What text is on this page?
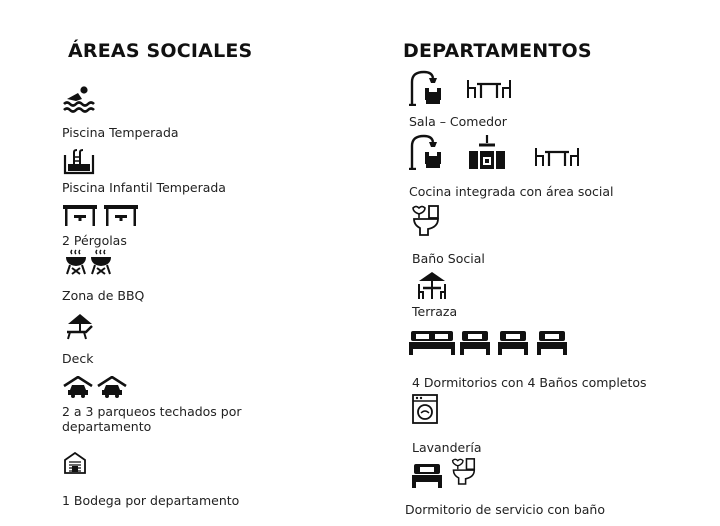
ÁREAS SOCIALES
Piscina Temperada
Piscina Infantil Temperada
2 Pérgolas
Zona de BBQ
Deck
2 a 3 parqueos techados por
departamento
1 Bodega por departamento
DEPARTAMENTOS
Sala – Comedor
Cocina integrada con área social
Baño Social
Terraza
4 Dormitorios con 4 Baños completos
Lavandería
Dormitorio de servicio con baño
